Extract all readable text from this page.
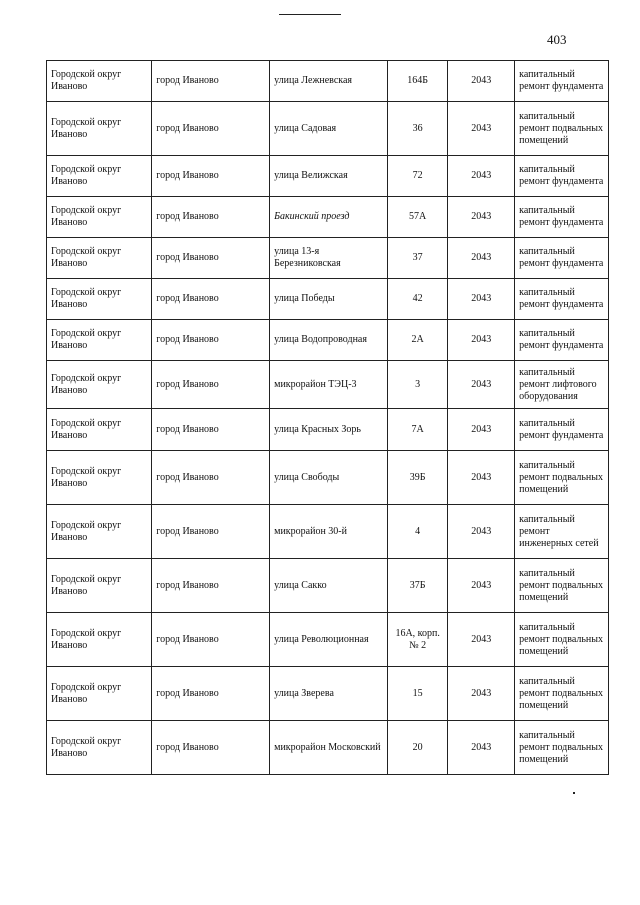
403
Городской округ Иваново	город Иваново	улица Лежневская	164Б	2043	капитальный ремонт фундамента
Городской округ Иваново	город Иваново	улица Садовая	36	2043	капитальный ремонт подвальных помещений
Городской округ Иваново	город Иваново	улица Велижская	72	2043	капитальный ремонт фундамента
Городской округ Иваново	город Иваново	Бакинский проезд	57А	2043	капитальный ремонт фундамента
Городской округ Иваново	город Иваново	улица 13-я Березниковская	37	2043	капитальный ремонт фундамента
Городской округ Иваново	город Иваново	улица Победы	42	2043	капитальный ремонт фундамента
Городской округ Иваново	город Иваново	улица Водопроводная	2А	2043	капитальный ремонт фундамента
Городской округ Иваново	город Иваново	микрорайон ТЭЦ-3	3	2043	капитальный ремонт лифтового оборудования
Городской округ Иваново	город Иваново	улица Красных Зорь	7А	2043	капитальный ремонт фундамента
Городской округ Иваново	город Иваново	улица Свободы	39Б	2043	капитальный ремонт подвальных помещений
Городской округ Иваново	город Иваново	микрорайон 30-й	4	2043	капитальный ремонт инженерных сетей
Городской округ Иваново	город Иваново	улица Сакко	37Б	2043	капитальный ремонт подвальных помещений
Городской округ Иваново	город Иваново	улица Революционная	16А, корп. № 2	2043	капитальный ремонт подвальных помещений
Городской округ Иваново	город Иваново	улица Зверева	15	2043	капитальный ремонт подвальных помещений
Городской округ Иваново	город Иваново	микрорайон Московский	20	2043	капитальный ремонт подвальных помещений
